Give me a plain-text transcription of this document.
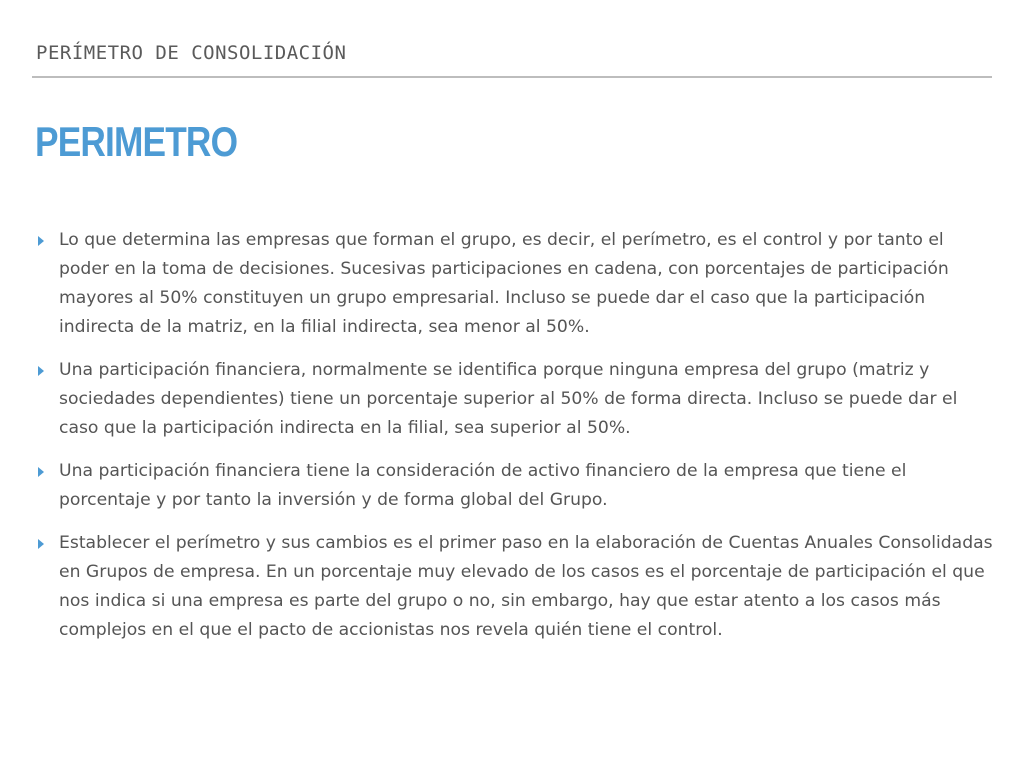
PERÍMETRO DE CONSOLIDACIÓN
PERIMETRO
Lo que determina las empresas que forman el grupo, es decir, el perímetro, es el control y por tanto el poder en la toma de decisiones. Sucesivas participaciones en cadena, con porcentajes de participación mayores al 50% constituyen un grupo empresarial. Incluso se puede dar el caso que la participación indirecta de la matriz, en la filial indirecta, sea menor al 50%.
Una participación financiera, normalmente se identifica porque ninguna empresa del grupo (matriz y sociedades dependientes) tiene un porcentaje superior al 50% de forma directa. Incluso se puede dar el caso que la participación indirecta en la filial, sea superior al 50%.
Una participación financiera tiene la consideración de activo financiero de la empresa que tiene el porcentaje y por tanto la inversión y de forma global del Grupo.
Establecer el perímetro y sus cambios es el primer paso en la elaboración de Cuentas Anuales Consolidadas en Grupos de empresa. En un porcentaje muy elevado de los casos es el porcentaje de participación el que nos indica si una empresa es parte del grupo o no, sin embargo, hay que estar atento a los casos más complejos en el que el pacto de accionistas nos revela quién tiene el control.
